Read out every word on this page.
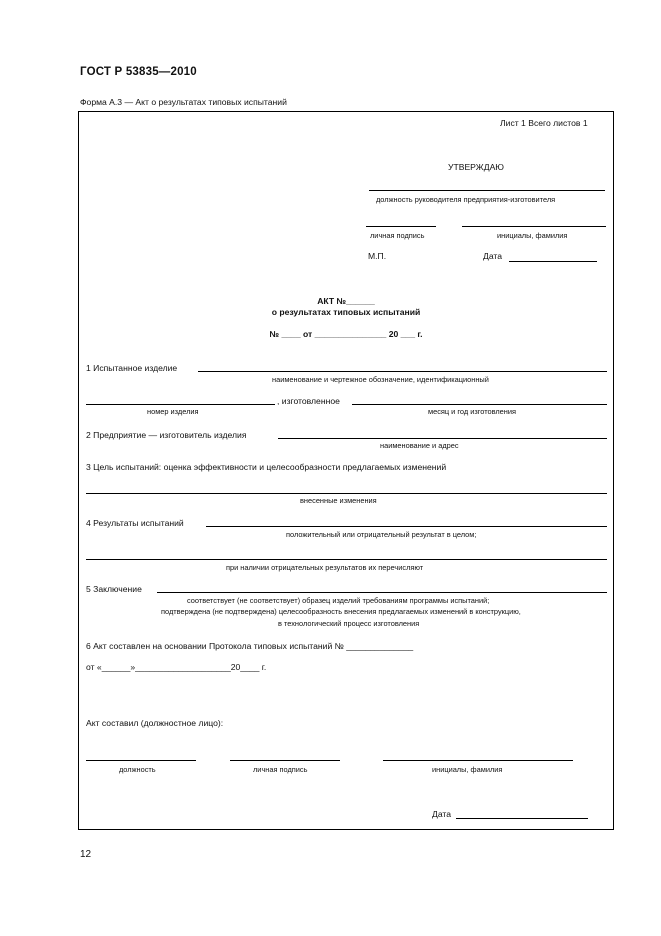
ГОСТ Р 53835—2010
Форма А.3 — Акт о результатах типовых испытаний
Лист 1 Всего листов 1
УТВЕРЖДАЮ
должность руководителя предприятия-изготовителя
личная подпись	инициалы, фамилия
М.П.	Дата
АКТ №______
о результатах типовых испытаний
№ ____ от _______________ 20 ___ г.
1 Испытанное изделие
наименование и чертежное обозначение, идентификационный
, изготовленное
номер изделия	месяц и год изготовления
2 Предприятие — изготовитель изделия
наименование и адрес
3 Цель испытаний: оценка эффективности и целесообразности предлагаемых изменений
внесенные изменения
4 Результаты испытаний
положительный или отрицательный результат в целом;
при наличии отрицательных результатов их перечисляют
5 Заключение
соответствует (не соответствует) образец изделий требованиям программы испытаний;
подтверждена (не подтверждена) целесообразность внесения предлагаемых изменений в конструкцию,
в технологический процесс изготовления
6 Акт составлен на основании Протокола типовых испытаний № ______________
от «______»____________________20____ г.
Акт составил (должностное лицо):
должность	личная подпись	инициалы, фамилия
Дата
12
